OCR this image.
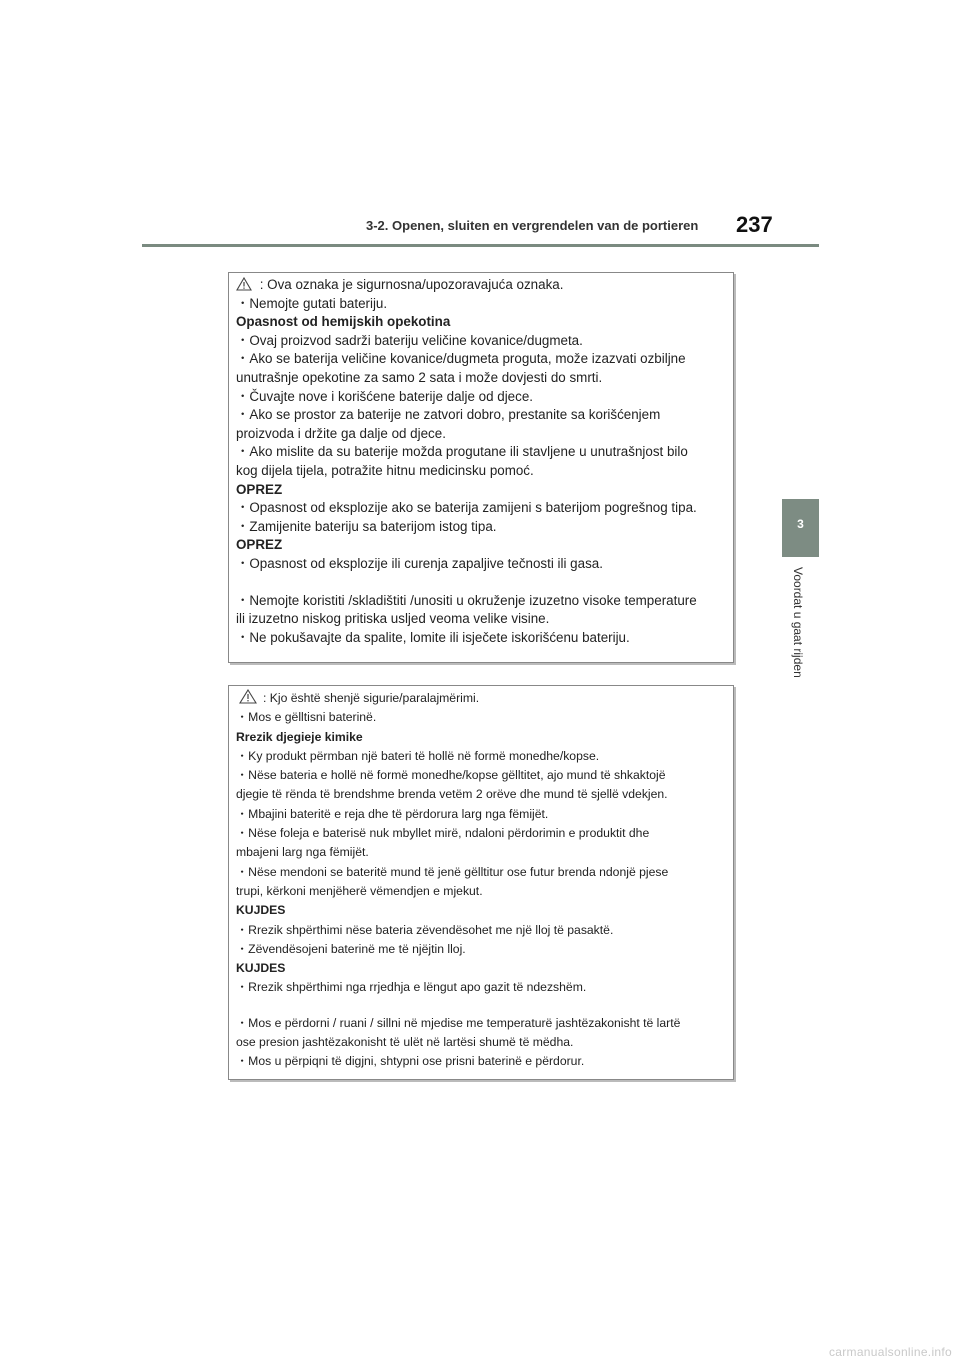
3-2. Openen, sluiten en vergrendelen van de portieren 237
3
Voordat u gaat rijden
: Ova oznaka je sigurnosna/upozoravajuća oznaka.
・Nemojte gutati bateriju.
Opasnost od hemijskih opekotina
・Ovaj proizvod sadrži bateriju veličine kovanice/dugmeta.
・Ako se baterija veličine kovanice/dugmeta proguta, može izazvati ozbiljne
unutrašnje opekotine za samo 2 sata i može dovjesti do smrti.
・Čuvajte nove i korišćene baterije dalje od djece.
・Ako se prostor za baterije ne zatvori dobro, prestanite sa korišćenjem
proizvoda i držite ga dalje od djece.
・Ako mislite da su baterije možda progutane ili stavljene u unutrašnjost bilo
kog dijela tijela, potražite hitnu medicinsku pomoć.
OPREZ
・Opasnost od eksplozije ako se baterija zamijeni s baterijom pogrešnog tipa.
・Zamijenite bateriju sa baterijom istog tipa.
OPREZ
・Opasnost od eksplozije ili curenja zapaljive tečnosti ili gasa.
・Nemojte koristiti /skladištiti /unositi u okruženje izuzetno visoke temperature
ili izuzetno niskog pritiska usljed veoma velike visine.
・Ne pokušavajte da spalite, lomite ili isječete iskorišćenu bateriju.
: Kjo është shenjë sigurie/paralajmërimi.
・Mos e gëlltisni baterinë.
Rrezik djegieje kimike
・Ky produkt përmban një bateri të hollë në formë monedhe/kopse.
・Nëse bateria e hollë në formë monedhe/kopse gëlltitet, ajo mund të shkaktojë
djegie të rënda të brendshme brenda vetëm 2 orëve dhe mund të sjellë vdekjen.
・Mbajini bateritë e reja dhe të përdorura larg nga fëmijët.
・Nëse foleja e baterisë nuk mbyllet mirë, ndaloni përdorimin e produktit dhe
mbajeni larg nga fëmijët.
・Nëse mendoni se bateritë mund të jenë gëlltitur ose futur brenda ndonjë pjese
trupi, kërkoni menjëherë vëmendjen e mjekut.
KUJDES
・Rrezik shpërthimi nëse bateria zëvendësohet me një lloj të pasaktë.
・Zëvendësojeni baterinë me të njëjtin lloj.
KUJDES
・Rrezik shpërthimi nga rrjedhja e lëngut apo gazit të ndezshëm.
・Mos e përdorni / ruani / sillni në mjedise me temperaturë jashtëzakonisht të lartë
ose presion jashtëzakonisht të ulët në lartësi shumë të mëdha.
・Mos u përpiqni të digjni, shtypni ose prisni baterinë e përdorur.
carmanualsonline.info
